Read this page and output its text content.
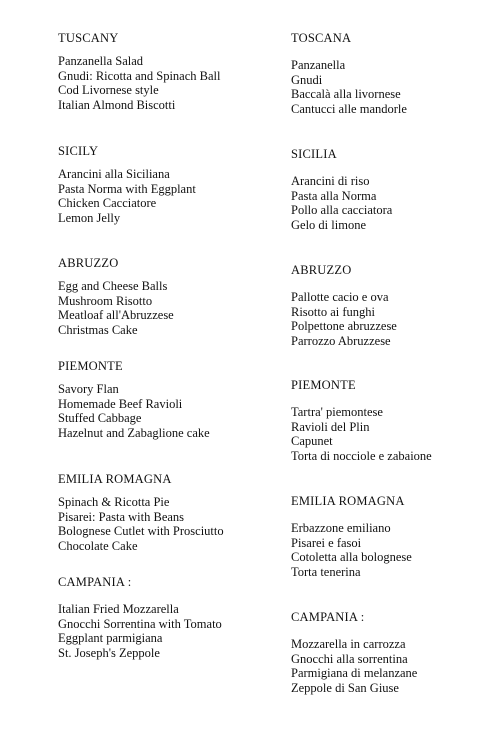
TUSCANY
Panzanella Salad
Gnudi: Ricotta and Spinach Ball
Cod Livornese style
Italian Almond Biscotti
SICILY
Arancini alla Siciliana
Pasta Norma with Eggplant
Chicken Cacciatore
Lemon Jelly
ABRUZZO
Egg and Cheese Balls
Mushroom Risotto
Meatloaf all'Abruzzese
Christmas Cake
PIEMONTE
Savory Flan
Homemade Beef Ravioli
Stuffed Cabbage
Hazelnut and Zabaglione cake
EMILIA ROMAGNA
Spinach & Ricotta Pie
Pisarei: Pasta with Beans
Bolognese Cutlet with Prosciutto
Chocolate Cake
CAMPANIA :
Italian Fried Mozzarella
Gnocchi Sorrentina with Tomato
Eggplant parmigiana
St. Joseph's Zeppole
TOSCANA
Panzanella
Gnudi
Baccalà alla livornese
Cantucci alle mandorle
SICILIA
Arancini di riso
Pasta alla Norma
Pollo alla cacciatora
Gelo di limone
ABRUZZO
Pallotte cacio e ova
Risotto ai funghi
Polpettone abruzzese
Parrozzo Abruzzese
PIEMONTE
Tartra' piemontese
Ravioli del Plin
Capunet
Torta di nocciole e zabaione
EMILIA ROMAGNA
Erbazzone emiliano
Pisarei e fasoi
Cotoletta alla bolognese
Torta tenerina
CAMPANIA :
Mozzarella in carrozza
Gnocchi alla sorrentina
Parmigiana di melanzane
Zeppole di San Giuse
